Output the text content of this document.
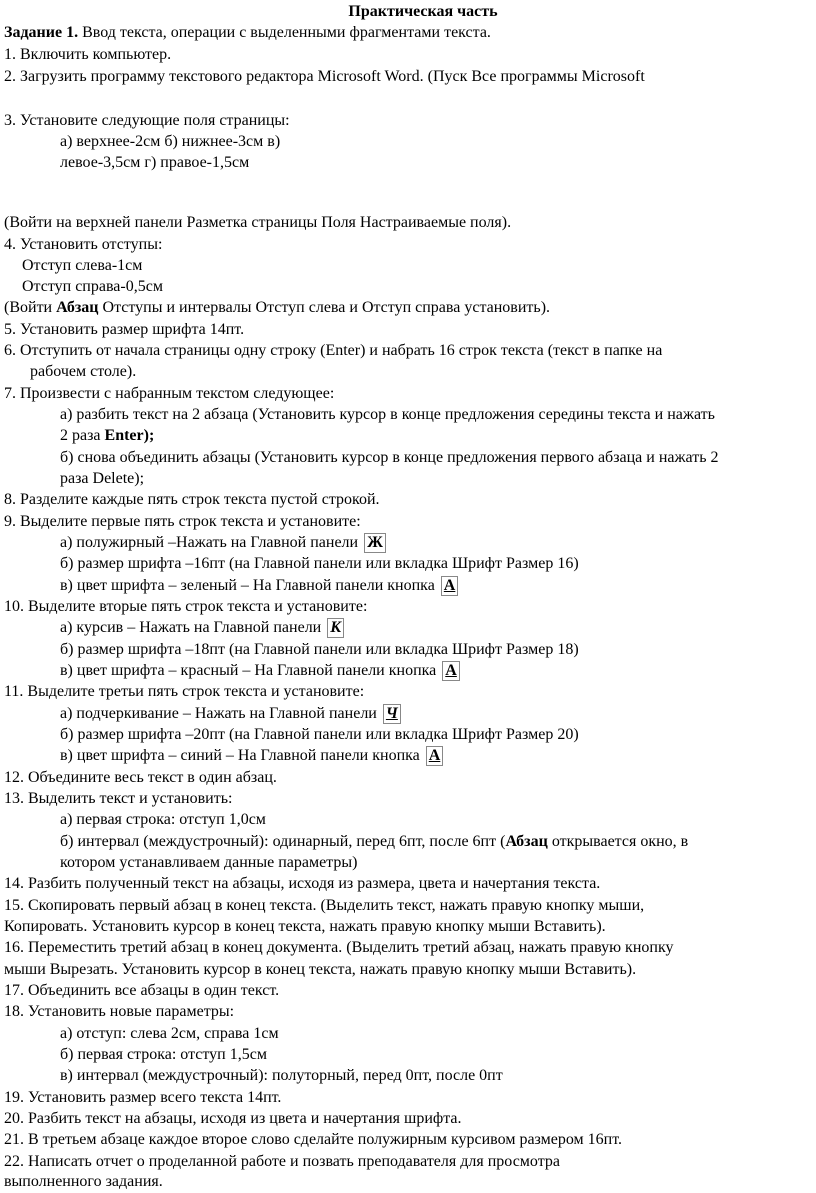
Практическая часть
Задание 1. Ввод текста, операции с выделенными фрагментами текста.
1. Включить компьютер.
2. Загрузить программу текстового редактора Microsoft Word. (Пуск Все программы Microsoft
3. Установите следующие поля страницы:
а) верхнее-2см б) нижнее-3см в)
левое-3,5см г) правое-1,5см
(Войти на верхней панели Разметка страницы Поля Настраиваемые поля).
4. Установить отступы:
Отступ слева-1см
Отступ справа-0,5см
(Войти Абзац Отступы и интервалы Отступ слева и Отступ справа установить).
5. Установить размер шрифта 14пт.
6. Отступить от начала страницы одну строку (Enter) и набрать 16 строк текста (текст в папке на
рабочем столе).
7. Произвести с набранным текстом следующее:
а) разбить текст на 2 абзаца (Установить курсор в конце предложения середины текста и нажать
2 раза Enter);
б) снова объединить абзацы (Установить курсор в конце предложения первого абзаца и нажать 2
раза Delete);
8. Разделите каждые пять строк текста пустой строкой.
9. Выделите первые пять строк текста и установите:
а) полужирный –Нажать на Главной панели Ж
б) размер шрифта –16пт (на Главной панели или вкладка Шрифт Размер 16)
в) цвет шрифта – зеленый – На Главной панели кнопка A
10. Выделите вторые пять строк текста и установите:
а) курсив – Нажать на Главной панели К
б) размер шрифта –18пт (на Главной панели или вкладка Шрифт Размер 18)
в) цвет шрифта – красный – На Главной панели кнопка A
11. Выделите третьи пять строк текста и установите:
а) подчеркивание – Нажать на Главной панели Ч
б) размер шрифта –20пт (на Главной панели или вкладка Шрифт Размер 20)
в) цвет шрифта – синий – На Главной панели кнопка A
12. Объедините весь текст в один абзац.
13. Выделить текст и установить:
а) первая строка: отступ 1,0см
б) интервал (междустрочный): одинарный, перед 6пт, после 6пт (Абзац открывается окно, в
котором устанавливаем данные параметры)
14. Разбить полученный текст на абзацы, исходя из размера, цвета и начертания текста.
15. Скопировать первый абзац в конец текста. (Выделить текст, нажать правую кнопку мыши,
Копировать. Установить курсор в конец текста, нажать правую кнопку мыши Вставить).
16. Переместить третий абзац в конец документа. (Выделить третий абзац, нажать правую кнопку
мыши Вырезать. Установить курсор в конец текста, нажать правую кнопку мыши Вставить).
17. Объединить все абзацы в один текст.
18. Установить новые параметры:
а) отступ: слева 2см, справа 1см
б) первая строка: отступ 1,5см
в) интервал (междустрочный): полуторный, перед 0пт, после 0пт
19. Установить размер всего текста 14пт.
20. Разбить текст на абзацы, исходя из цвета и начертания шрифта.
21. В третьем абзаце каждое второе слово сделайте полужирным курсивом размером 16пт.
22. Написать отчет о проделанной работе и позвать преподавателя для просмотра
выполненного задания.
